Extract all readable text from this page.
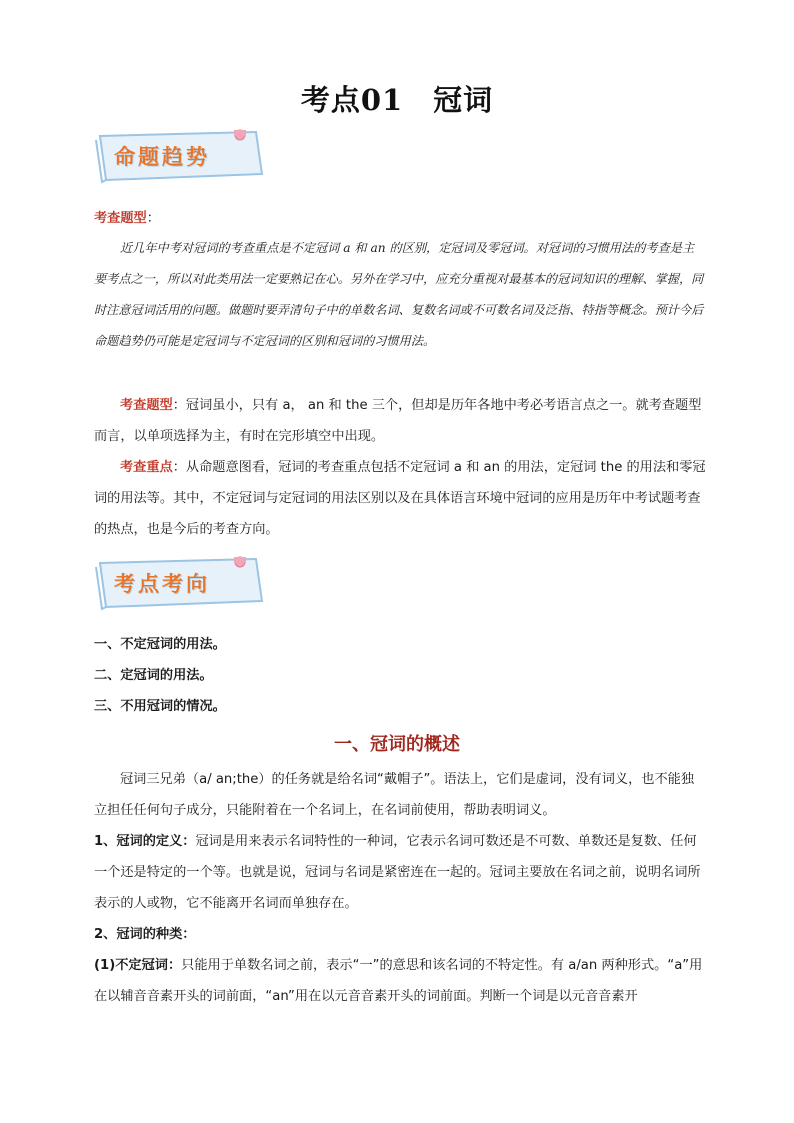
考点01　冠词
命题趋势
考查题型：
近几年中考对冠词的考查重点是不定冠词 a 和 an 的区别，定冠词及零冠词。对冠词的习惯用法的考查是主要考点之一，所以对此类用法一定要熟记在心。另外在学习中，应充分重视对最基本的冠词知识的理解、掌握，同时注意冠词活用的问题。做题时要弄清句子中的单数名词、复数名词或不可数名词及泛指、特指等概念。预计今后命题趋势仍可能是定冠词与不定冠词的区别和冠词的习惯用法。
考查题型：冠词虽小，只有 a， an 和 the 三个，但却是历年各地中考必考语言点之一。就考查题型而言，以单项选择为主，有时在完形填空中出现。
考查重点：从命题意图看，冠词的考查重点包括不定冠词 a 和 an 的用法，定冠词 the 的用法和零冠词的用法等。其中，不定冠词与定冠词的用法区别以及在具体语言环境中冠词的应用是历年中考试题考查的热点，也是今后的考查方向。
考点考向
一、不定冠词的用法。
二、定冠词的用法。
三、不用冠词的情况。
一、冠词的概述
冠词三兄弟（a/ an;the）的任务就是给名词“戴帽子”。语法上，它们是虚词，没有词义，也不能独立担任任何句子成分，只能附着在一个名词上，在名词前使用，帮助表明词义。
1、冠词的定义：冠词是用来表示名词特性的一种词，它表示名词可数还是不可数、单数还是复数、任何一个还是特定的一个等。也就是说，冠词与名词是紧密连在一起的。冠词主要放在名词之前，说明名词所表示的人或物，它不能离开名词而单独存在。
2、冠词的种类：
(1)不定冠词：只能用于单数名词之前，表示“一”的意思和该名词的不特定性。有 a/an 两种形式。“a”用在以辅音音素开头的词前面，“an”用在以元音音素开头的词前面。判断一个词是以元音音素开
